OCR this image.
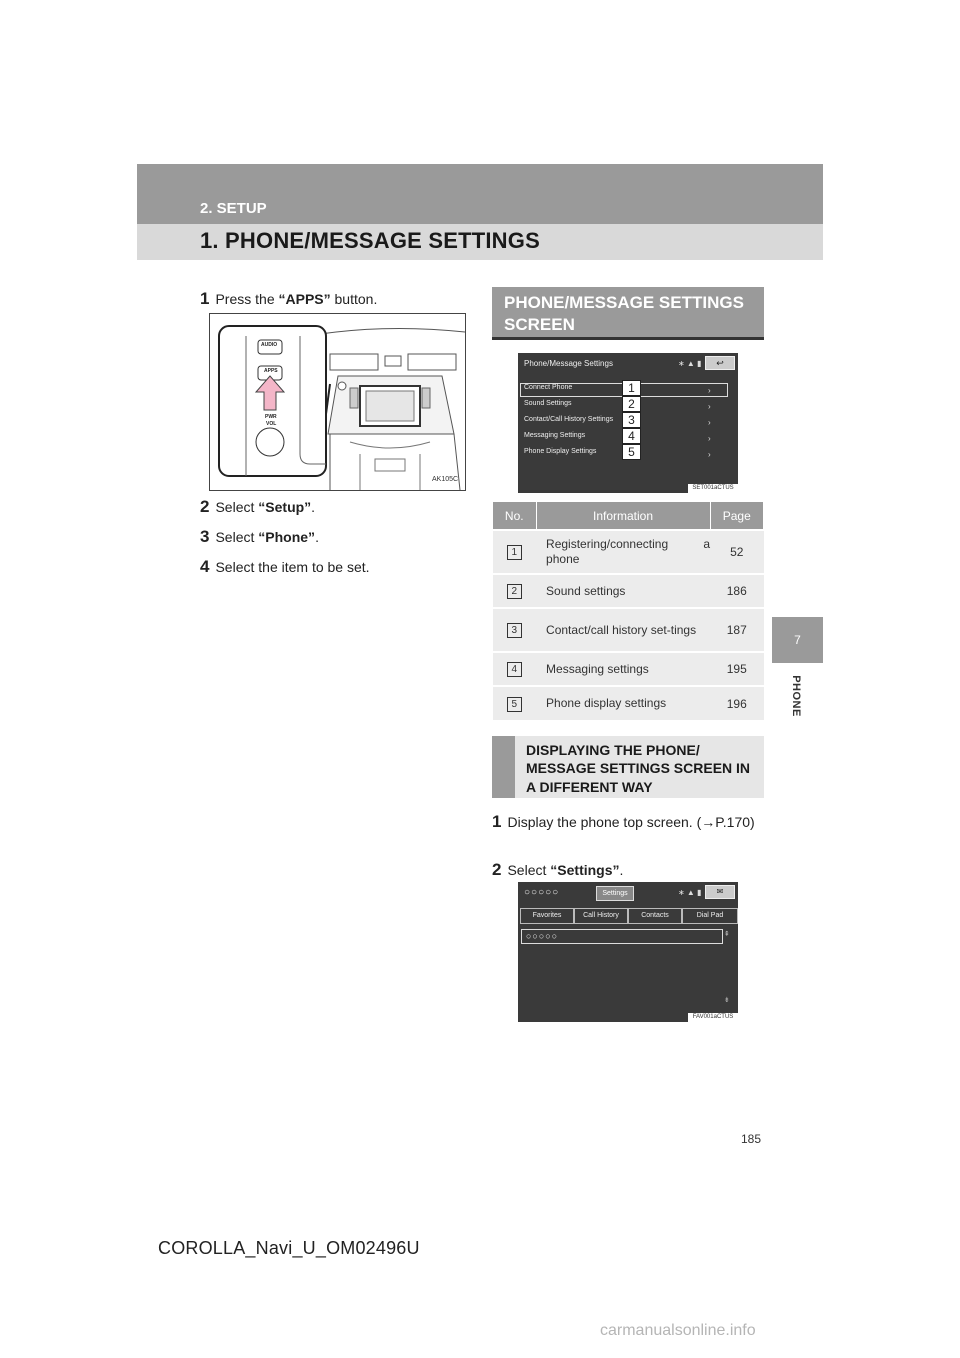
2. SETUP
1. PHONE/MESSAGE SETTINGS
7
PHONE
1 Press the “APPS” button.
AUDIO
APPS
PWR
VOL
AK105C
2 Select “Setup”.
3 Select “Phone”.
4 Select the item to be set.
PHONE/MESSAGE SETTINGS SCREEN
Phone/Message Settings	∗ ▲ ▮	↩
Connect Phone
Sound Settings
Contact/Call History Settings
Messaging Settings
Phone Display Settings
›
›
›
›
›
1
2
3
4
5
SET001aCTUS
No.	Information	Page
1	Registering/connecting a phone	52
2	Sound settings	186
3	Contact/call history set-tings	187
4	Messaging settings	195
5	Phone display settings	196
DISPLAYING THE PHONE/ MESSAGE SETTINGS SCREEN IN A DIFFERENT WAY
1 Display the phone top screen. (→P.170)
2 Select “Settings”.
○○○○○	Settings	∗ ▲ ▮	✉
Favorites	Call History	Contacts	Dial Pad
○○○○○	⇞
⇟
FAV001aCTUS
185
COROLLA_Navi_U_OM02496U
carmanualsonline.info
